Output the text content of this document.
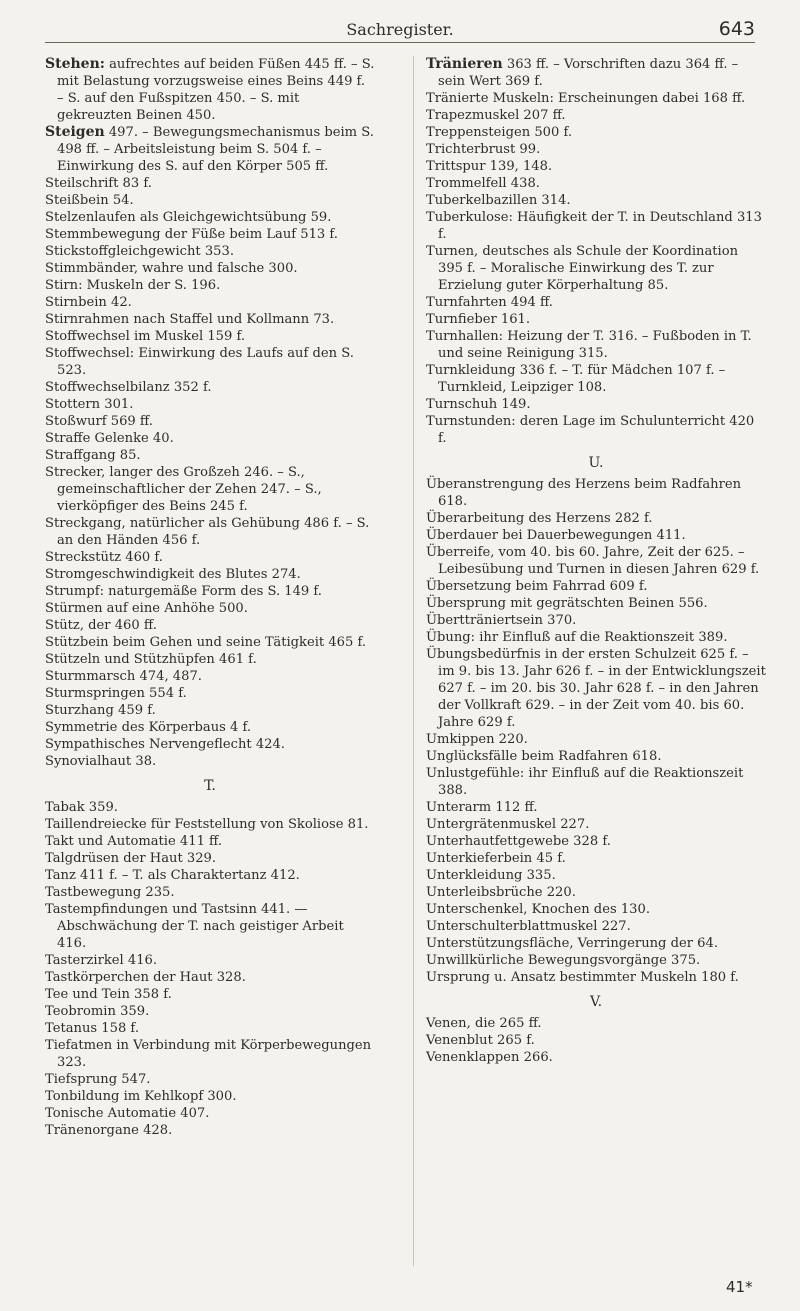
Sachregister.	643

Stehen: aufrechtes auf beiden Füßen 445 ff. – S. mit Belastung vorzugsweise eines Beins 449 f. – S. auf den Fußspitzen 450. – S. mit gekreuzten Beinen 450.

Steigen 497. – Bewegungsmechanismus beim S. 498 ff. – Arbeitsleistung beim S. 504 f. – Einwirkung des S. auf den Körper 505 ff.

Steilschrift 83 f.

Steißbein 54.

Stelzenlaufen als Gleichgewichtsübung 59.

Stemmbewegung der Füße beim Lauf 513 f.

Stickstoffgleichgewicht 353.

Stimmbänder, wahre und falsche 300.

Stirn: Muskeln der S. 196.

Stirnbein 42.

Stirnrahmen nach Staffel und Kollmann 73.

Stoffwechsel im Muskel 159 f.

Stoffwechsel: Einwirkung des Laufs auf den S. 523.

Stoffwechselbilanz 352 f.

Stottern 301.

Stoßwurf 569 ff.

Straffe Gelenke 40.

Straffgang 85.

Strecker, langer des Großzeh 246. – S., gemeinschaftlicher der Zehen 247. – S., vierköpfiger des Beins 245 f.

Streckgang, natürlicher als Gehübung 486 f. – S. an den Händen 456 f.

Streckstütz 460 f.

Stromgeschwindigkeit des Blutes 274.

Strumpf: naturgemäße Form des S. 149 f.

Stürmen auf eine Anhöhe 500.

Stütz, der 460 ff.

Stützbein beim Gehen und seine Tätigkeit 465 f.

Stützeln und Stützhüpfen 461 f.

Sturmmarsch 474, 487.

Sturmspringen 554 f.

Sturzhang 459 f.

Symmetrie des Körperbaus 4 f.

Sympathisches Nervengeflecht 424.

Synovialhaut 38.

T.

Tabak 359.

Taillendreiecke für Feststellung von Skoliose 81.

Takt und Automatie 411 ff.

Talgdrüsen der Haut 329.

Tanz 411 f. – T. als Charaktertanz 412.

Tastbewegung 235.

Tastempfindungen und Tastsinn 441. — Abschwächung der T. nach geistiger Arbeit 416.

Tasterzirkel 416.

Tastkörperchen der Haut 328.

Tee und Tein 358 f.

Teobromin 359.

Tetanus 158 f.

Tiefatmen in Verbindung mit Körperbewegungen 323.

Tiefsprung 547.

Tonbildung im Kehlkopf 300.

Tonische Automatie 407.

Tränenorgane 428.

Tränieren 363 ff. – Vorschriften dazu 364 ff. – sein Wert 369 f.

Tränierte Muskeln: Erscheinungen dabei 168 ff.

Trapezmuskel 207 ff.

Treppensteigen 500 f.

Trichterbrust 99.

Trittspur 139, 148.

Trommelfell 438.

Tuberkelbazillen 314.

Tuberkulose: Häufigkeit der T. in Deutschland 313 f.

Turnen, deutsches als Schule der Koordination 395 f. – Moralische Einwirkung des T. zur Erzielung guter Körperhaltung 85.

Turnfahrten 494 ff.

Turnfieber 161.

Turnhallen: Heizung der T. 316. – Fußboden in T. und seine Reinigung 315.

Turnkleidung 336 f. – T. für Mädchen 107 f. – Turnkleid, Leipziger 108.

Turnschuh 149.

Turnstunden: deren Lage im Schulunterricht 420 f.

U.

Überanstrengung des Herzens beim Radfahren 618.

Überarbeitung des Herzens 282 f.

Überdauer bei Dauerbewegungen 411.

Überreife, vom 40. bis 60. Jahre, Zeit der 625. – Leibesübung und Turnen in diesen Jahren 629 f.

Übersetzung beim Fahrrad 609 f.

Übersprung mit gegrätschten Beinen 556.

Übertträniertsein 370.

Übung: ihr Einfluß auf die Reaktionszeit 389.

Übungsbedürfnis in der ersten Schulzeit 625 f. – im 9. bis 13. Jahr 626 f. – in der Entwicklungszeit 627 f. – im 20. bis 30. Jahr 628 f. – in den Jahren der Vollkraft 629. – in der Zeit vom 40. bis 60. Jahre 629 f.

Umkippen 220.

Unglücksfälle beim Radfahren 618.

Unlustgefühle: ihr Einfluß auf die Reaktionszeit 388.

Unterarm 112 ff.

Untergrätenmuskel 227.

Unterhautfettgewebe 328 f.

Unterkieferbein 45 f.

Unterkleidung 335.

Unterleibsbrüche 220.

Unterschenkel, Knochen des 130.

Unterschulterblattmuskel 227.

Unterstützungsfläche, Verringerung der 64.

Unwillkürliche Bewegungsvorgänge 375.

Ursprung u. Ansatz bestimmter Muskeln 180 f.

V.

Venen, die 265 ff.

Venenblut 265 f.

Venenklappen 266.

41*
